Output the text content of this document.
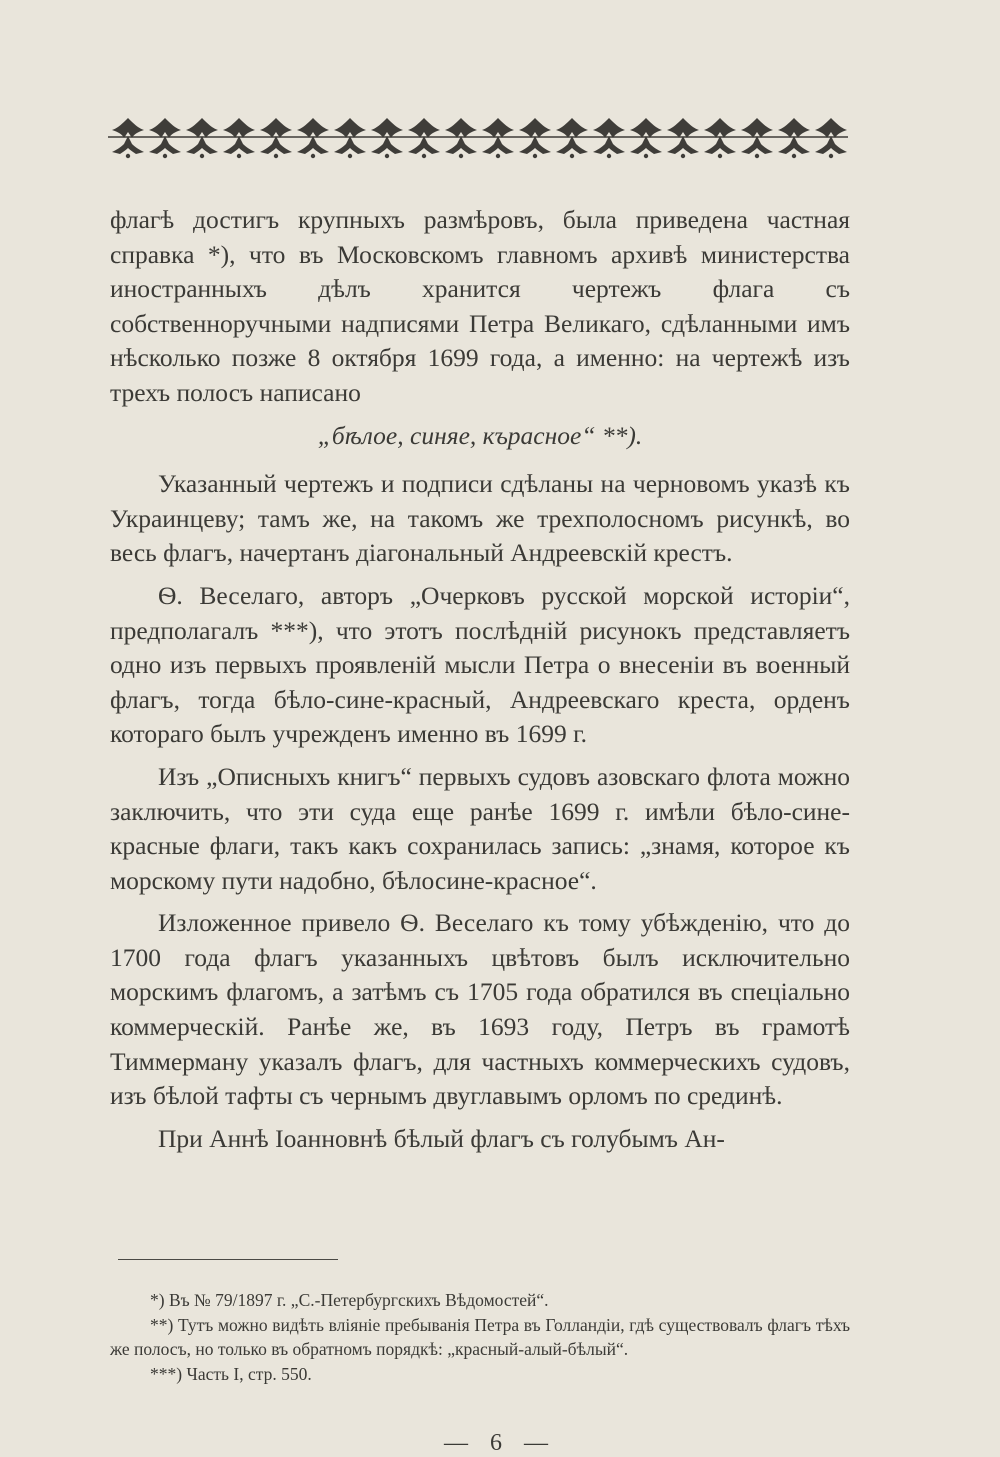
флагѣ достигъ крупныхъ размѣровъ, была приведена частная справка *), что въ Московскомъ главномъ архивѣ министерства иностранныхъ дѣлъ хранится чертежъ флага съ собственноручными надписями Петра Великаго, сдѣланными имъ нѣсколько позже 8 октября 1699 года, а именно: на чертежѣ изъ трехъ полосъ написано

„бѣлое, синяе, кърасное“ **).

Указанный чертежъ и подписи сдѣланы на черновомъ указѣ къ Украинцеву; тамъ же, на такомъ же трехполосномъ рисункѣ, во весь флагъ, начертанъ діагональный Андреевскій крестъ.

Ѳ. Веселаго, авторъ „Очерковъ русской морской исторіи“, предполагалъ ***), что этотъ послѣдній рисунокъ представляетъ одно изъ первыхъ проявленій мысли Петра о внесеніи въ военный флагъ, тогда бѣло-сине-красный, Андреевскаго креста, орденъ котораго былъ учрежденъ именно въ 1699 г.

Изъ „Описныхъ книгъ“ первыхъ судовъ азовскаго флота можно заключить, что эти суда еще ранѣе 1699 г. имѣли бѣло-сине-красные флаги, такъ какъ сохранилась запись: „знамя, которое къ морскому пути надобно, бѣлосине-красное“.

Изложенное привело Ѳ. Веселаго къ тому убѣжденію, что до 1700 года флагъ указанныхъ цвѣтовъ былъ исключительно морскимъ флагомъ, а затѣмъ съ 1705 года обратился въ спеціально коммерческій. Ранѣе же, въ 1693 году, Петръ въ грамотѣ Тиммерману указалъ флагъ, для частныхъ коммерческихъ судовъ, изъ бѣлой тафты съ чернымъ двуглавымъ орломъ по срединѣ.

При Аннѣ Іоанновнѣ бѣлый флагъ съ голубымъ Ан-

*) Въ № 79/1897 г. „С.-Петербургскихъ Вѣдомостей“.

**) Тутъ можно видѣть вліяніе пребыванія Петра въ Голландіи, гдѣ существовалъ флагъ тѣхъ же полосъ, но только въ обратномъ порядкѣ: „красный-алый-бѣлый“.

***) Часть I, стр. 550.

— 6 —
